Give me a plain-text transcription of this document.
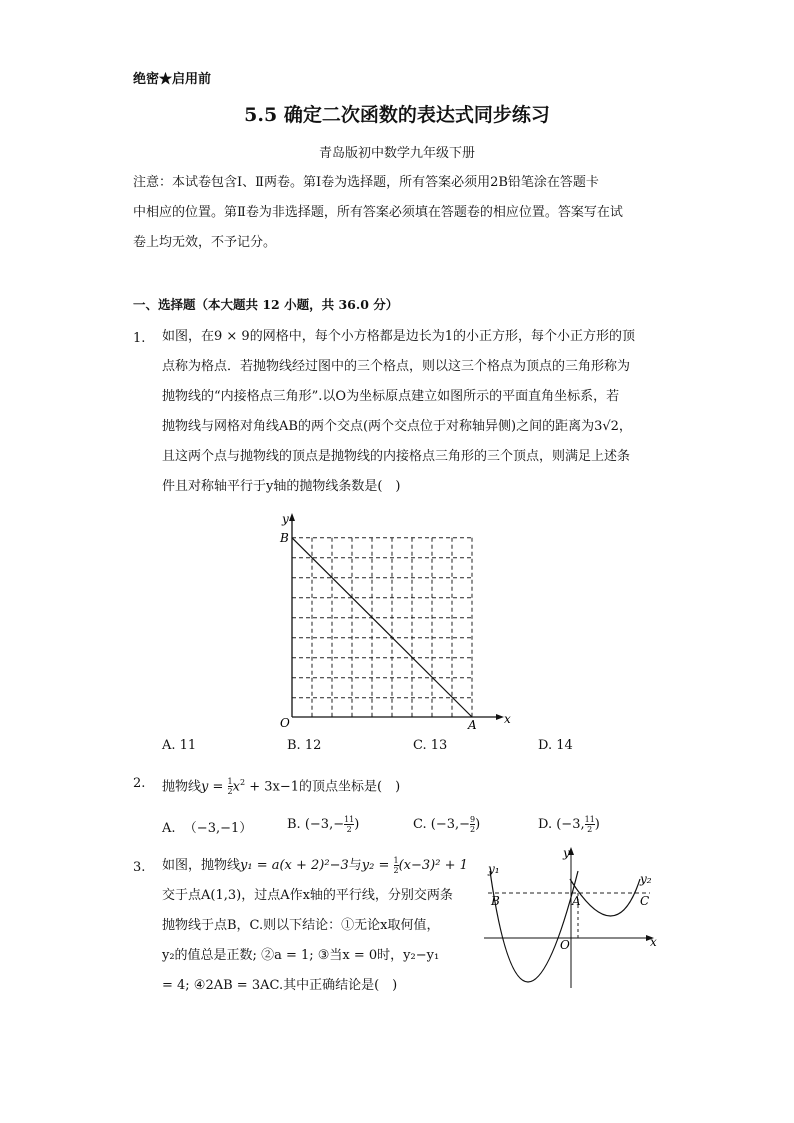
绝密★启用前
5.5 确定二次函数的表达式同步练习
青岛版初中数学九年级下册
注意：本试卷包含Ⅰ、Ⅱ两卷。第Ⅰ卷为选择题，所有答案必须用2B铅笔涂在答题卡
中相应的位置。第Ⅱ卷为非选择题，所有答案必须填在答题卷的相应位置。答案写在试
卷上均无效，不予记分。
一、选择题（本大题共 12 小题，共 36.0 分）
1. 如图，在9 × 9的网格中，每个小方格都是边长为1的小正方形，每个小正方形的顶
点称为格点．若抛物线经过图中的三个格点，则以这三个格点为顶点的三角形称为
抛物线的“内接格点三角形”.以O为坐标原点建立如图所示的平面直角坐标系，若
抛物线与网格对角线AB的两个交点(两个交点位于对称轴异侧)之间的距离为3√2，
且这两个点与抛物线的顶点是抛物线的内接格点三角形的三个顶点，则满足上述条
件且对称轴平行于y轴的抛物线条数是(　)
y
x
O	A
B
A. 11	B. 12	C. 13	D. 14
2. 抛物线$y = \frac{1}{2} x^2 + 3x-1$的顶点坐标是(　)
A. （−3,−1）	B. ($-3,- \frac{11}{2}$ )	C. ($-3,- \frac{9}{2}$ )	D. (−3, $\frac{11}{2}$ )
3. 如图，抛物线y₁ = a(x + 2)²−3与$y_2 = \frac{1}{2} (x-3)^2 + 1$
交于点A(1,3)，过点A作x轴的平行线，分别交两条
抛物线于点B，C.则以下结论：①无论x取何值，
y₂的值总是正数; ②a = 1; ③当x = 0时，y₂−y₁
= 4; ④2AB = 3AC.其中正确结论是(　)
y₁
y₂
y
x
O
A
B	C
